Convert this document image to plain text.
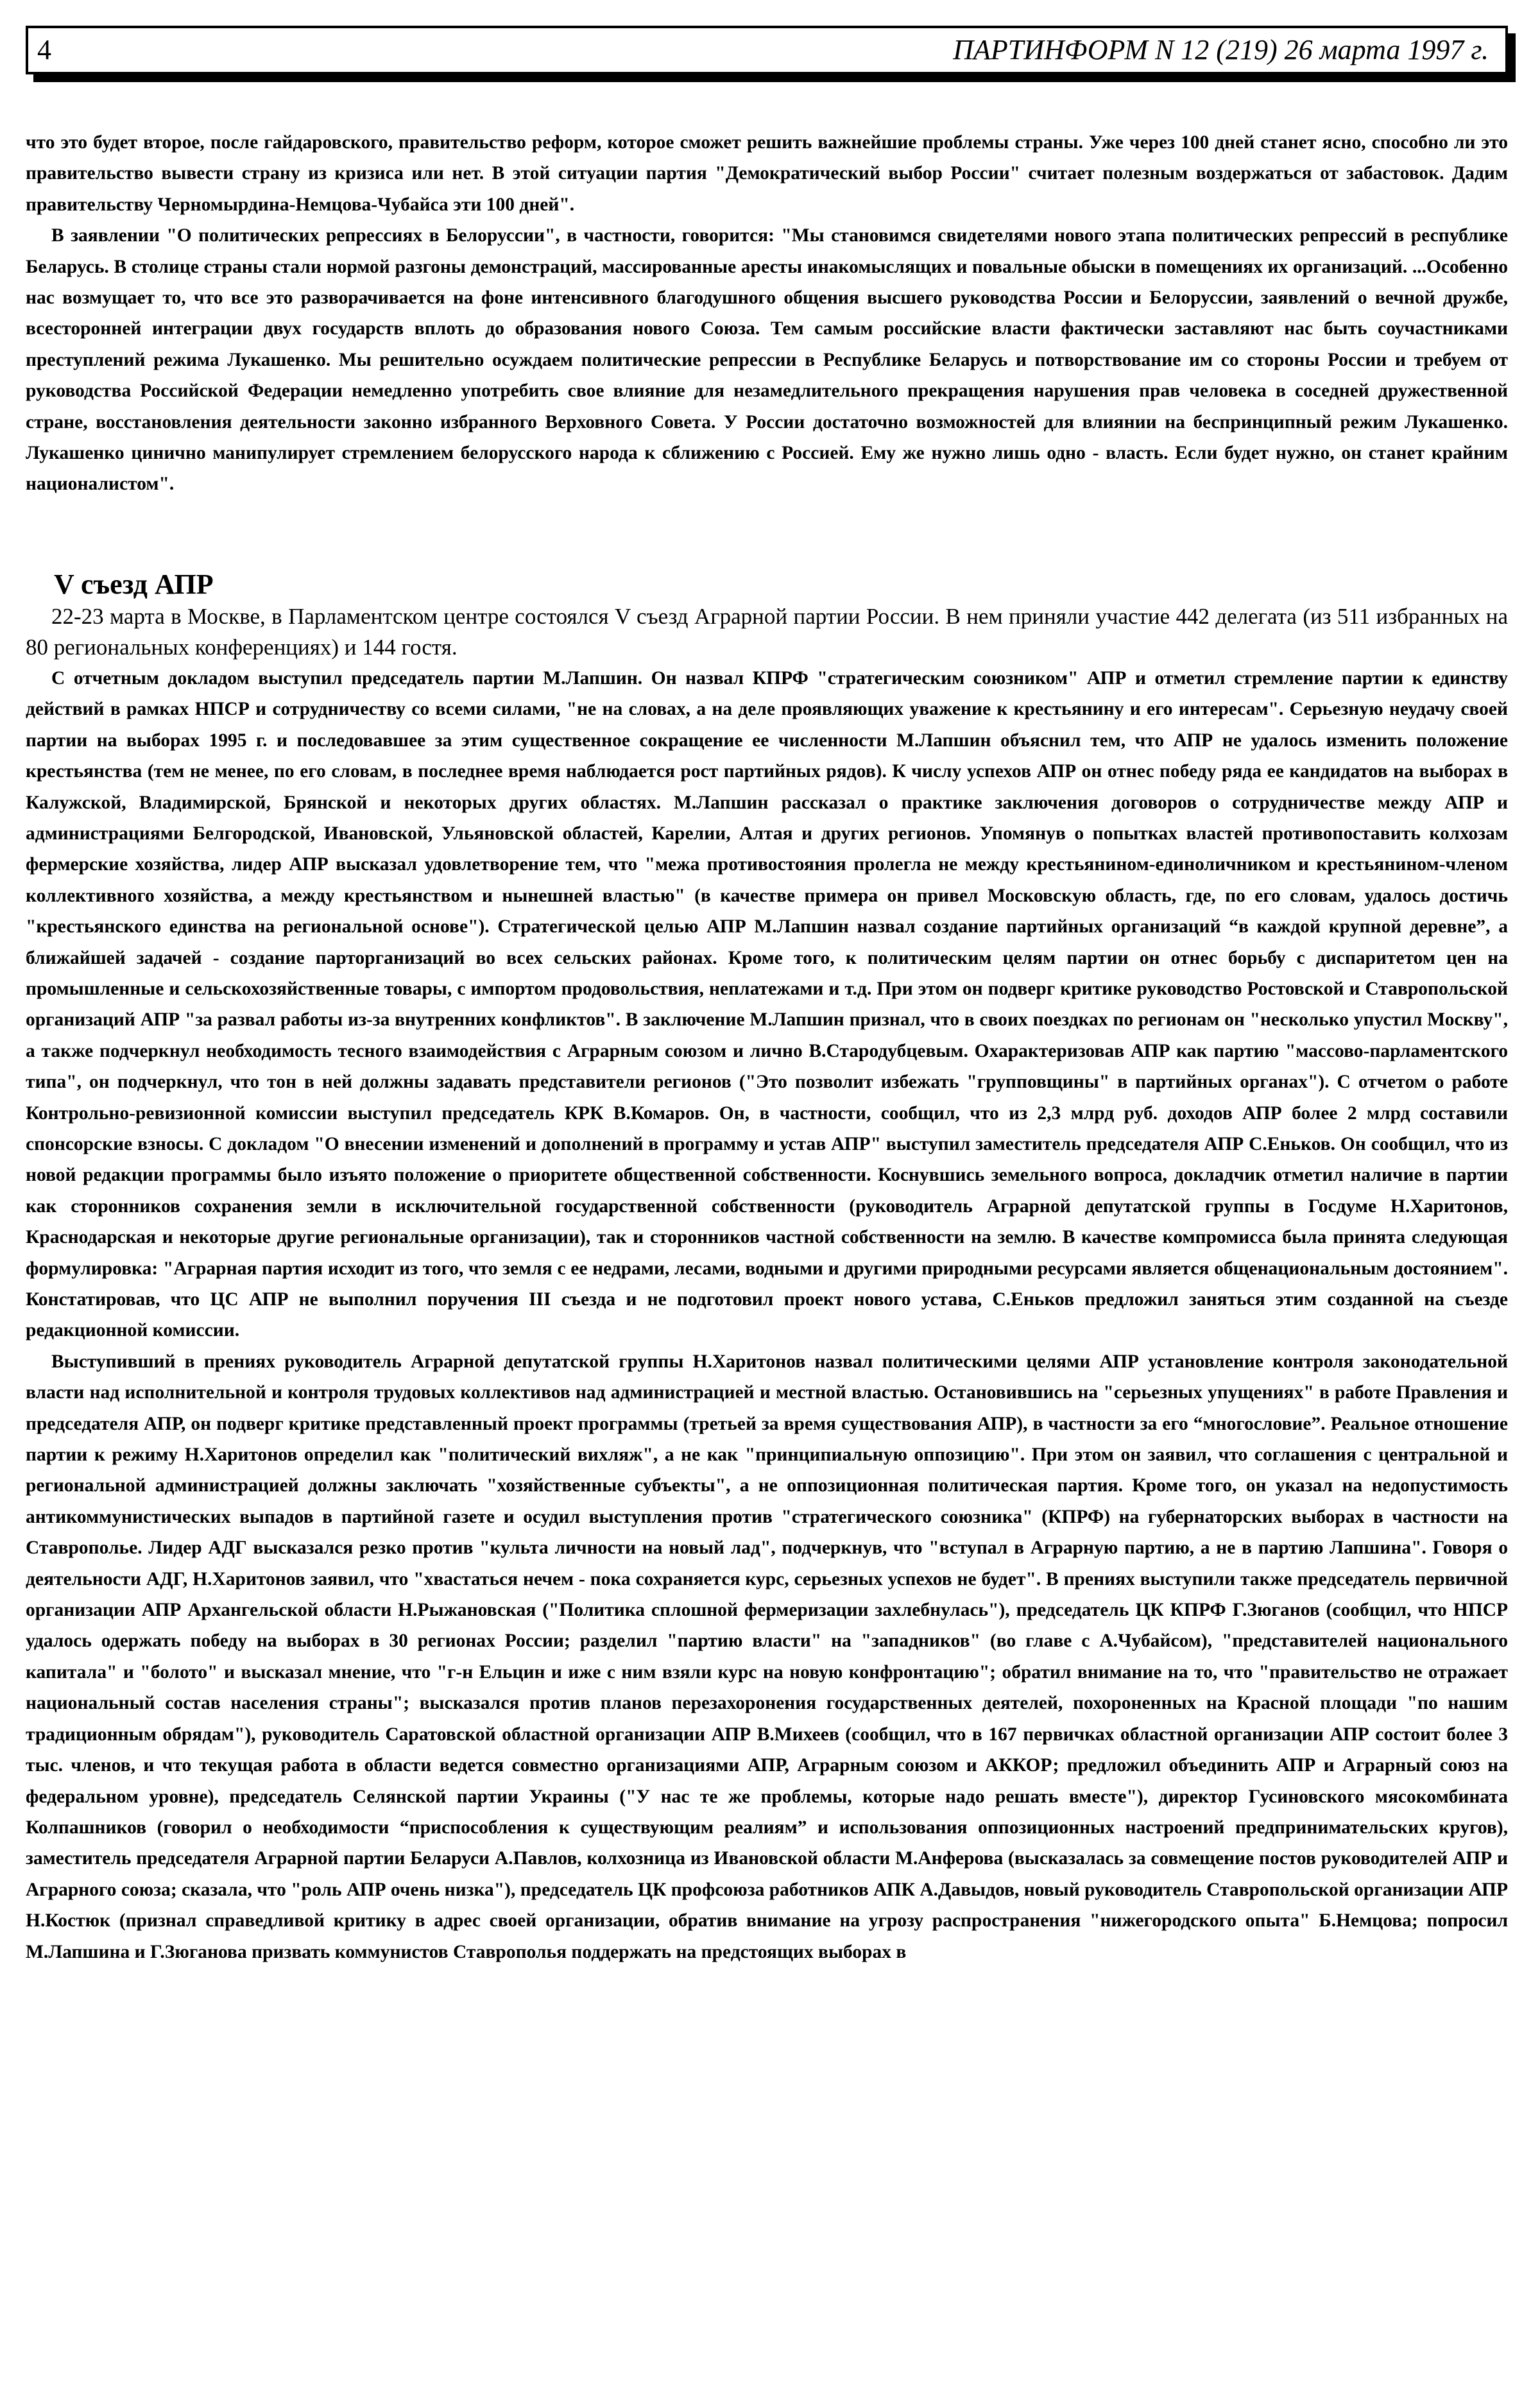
4	ПАРТИНФОРМ N 12 (219) 26 марта 1997 г.

что это будет второе, после гайдаровского, правительство реформ, которое сможет решить важнейшие проблемы страны. Уже через 100 дней станет ясно, способно ли это правительство вывести страну из кризиса или нет. В этой ситуации партия "Демократический выбор России" считает полезным воздержаться от забастовок. Дадим правительству Черномырдина-Немцова-Чубайса эти 100 дней".

В заявлении "О политических репрессиях в Белоруссии", в частности, говорится: "Мы становимся свидетелями нового этапа политических репрессий в республике Беларусь. В столице страны стали нормой разгоны демонстраций, массированные аресты инакомыслящих и повальные обыски в помещениях их организаций. ...Особенно нас возмущает то, что все это разворачивается на фоне интенсивного благодушного общения высшего руководства России и Белоруссии, заявлений о вечной дружбе, всесторонней интеграции двух государств вплоть до образования нового Союза. Тем самым российские власти фактически заставляют нас быть соучастниками преступлений режима Лукашенко. Мы решительно осуждаем политические репрессии в Республике Беларусь и потворствование им со стороны России и требуем от руководства Российской Федерации немедленно употребить свое влияние для незамедлительного прекращения нарушения прав человека в соседней дружественной стране, восстановления деятельности законно избранного Верховного Совета. У России достаточно возможностей для влиянии на беспринципный режим Лукашенко. Лукашенко цинично манипулирует стремлением белорусского народа к сближению с Россией. Ему же нужно лишь одно - власть. Если будет нужно, он станет крайним националистом".

V съезд АПР

22-23 марта в Москве, в Парламентском центре состоялся V съезд Аграрной партии России. В нем приняли участие 442 делегата (из 511 избранных на 80 региональных конференциях) и 144 гостя.

С отчетным докладом выступил председатель партии М.Лапшин. Он назвал КПРФ "стратегическим союзником" АПР и отметил стремление партии к единству действий в рамках НПСР и сотрудничеству со всеми силами, "не на словах, а на деле проявляющих уважение к крестьянину и его интересам". Серьезную неудачу своей партии на выборах 1995 г. и последовавшее за этим существенное сокращение ее численности М.Лапшин объяснил тем, что АПР не удалось изменить положение крестьянства (тем не менее, по его словам, в последнее время наблюдается рост партийных рядов). К числу успехов АПР он отнес победу ряда ее кандидатов на выборах в Калужской, Владимирской, Брянской и некоторых других областях. М.Лапшин рассказал о практике заключения договоров о сотрудничестве между АПР и администрациями Белгородской, Ивановской, Ульяновской областей, Карелии, Алтая и других регионов. Упомянув о попытках властей противопоставить колхозам фермерские хозяйства, лидер АПР высказал удовлетворение тем, что "межа противостояния пролегла не между крестьянином-единоличником и крестьянином-членом коллективного хозяйства, а между крестьянством и нынешней властью" (в качестве примера он привел Московскую область, где, по его словам, удалось достичь "крестьянского единства на региональной основе"). Стратегической целью АПР М.Лапшин назвал создание партийных организаций “в каждой крупной деревне”, а ближайшей задачей - создание парторганизаций во всех сельских районах. Кроме того, к политическим целям партии он отнес борьбу с диспаритетом цен на промышленные и сельскохозяйственные товары, с импортом продовольствия, неплатежами и т.д. При этом он подверг критике руководство Ростовской и Ставропольской организаций АПР "за развал работы из-за внутренних конфликтов". В заключение М.Лапшин признал, что в своих поездках по регионам он "несколько упустил Москву", а также подчеркнул необходимость тесного взаимодействия с Аграрным союзом и лично В.Стародубцевым. Охарактеризовав АПР как партию "массово-парламентского типа", он подчеркнул, что тон в ней должны задавать представители регионов ("Это позволит избежать "групповщины" в партийных органах"). С отчетом о работе Контрольно-ревизионной комиссии выступил председатель КРК В.Комаров. Он, в частности, сообщил, что из 2,3 млрд руб. доходов АПР более 2 млрд составили спонсорские взносы. С докладом "О внесении изменений и дополнений в программу и устав АПР" выступил заместитель председателя АПР С.Еньков. Он сообщил, что из новой редакции программы было изъято положение о приоритете общественной собственности. Коснувшись земельного вопроса, докладчик отметил наличие в партии как сторонников сохранения земли в исключительной государственной собственности (руководитель Аграрной депутатской группы в Госдуме Н.Харитонов, Краснодарская и некоторые другие региональные организации), так и сторонников частной собственности на землю. В качестве компромисса была принята следующая формулировка: "Аграрная партия исходит из того, что земля с ее недрами, лесами, водными и другими природными ресурсами является общенациональным достоянием". Констатировав, что ЦС АПР не выполнил поручения III съезда и не подготовил проект нового устава, С.Еньков предложил заняться этим созданной на съезде редакционной комиссии.

Выступивший в прениях руководитель Аграрной депутатской группы Н.Харитонов назвал политическими целями АПР установление контроля законодательной власти над исполнительной и контроля трудовых коллективов над администрацией и местной властью. Остановившись на "серьезных упущениях" в работе Правления и председателя АПР, он подверг критике представленный проект программы (третьей за время существования АПР), в частности за его “многословие”. Реальное отношение партии к режиму Н.Харитонов определил как "политический вихляж", а не как "принципиальную оппозицию". При этом он заявил, что соглашения с центральной и региональной администрацией должны заключать "хозяйственные субъекты", а не оппозиционная политическая партия. Кроме того, он указал на недопустимость антикоммунистических выпадов в партийной газете и осудил выступления против "стратегического союзника" (КПРФ) на губернаторских выборах в частности на Ставрополье. Лидер АДГ высказался резко против "культа личности на новый лад", подчеркнув, что "вступал в Аграрную партию, а не в партию Лапшина". Говоря о деятельности АДГ, Н.Харитонов заявил, что "хвастаться нечем - пока сохраняется курс, серьезных успехов не будет". В прениях выступили также председатель первичной организации АПР Архангельской области Н.Рыжановская ("Политика сплошной фермеризации захлебнулась"), председатель ЦК КПРФ Г.Зюганов (сообщил, что НПСР удалось одержать победу на выборах в 30 регионах России; разделил "партию власти" на "западников" (во главе с А.Чубайсом), "представителей национального капитала" и "болото" и высказал мнение, что "г-н Ельцин и иже с ним взяли курс на новую конфронтацию"; обратил внимание на то, что "правительство не отражает национальный состав населения страны"; высказался против планов перезахоронения государственных деятелей, похороненных на Красной площади "по нашим традиционным обрядам"), руководитель Саратовской областной организации АПР В.Михеев (сообщил, что в 167 первичках областной организации АПР состоит более 3 тыс. членов, и что текущая работа в области ведется совместно организациями АПР, Аграрным союзом и АККОР; предложил объединить АПР и Аграрный союз на федеральном уровне), председатель Селянской партии Украины ("У нас те же проблемы, которые надо решать вместе"), директор Гусиновского мясокомбината Колпашников (говорил о необходимости “приспособления к существующим реалиям” и использования оппозиционных настроений предпринимательских кругов), заместитель председателя Аграрной партии Беларуси А.Павлов, колхозница из Ивановской области М.Анферова (высказалась за совмещение постов руководителей АПР и Аграрного союза; сказала, что "роль АПР очень низка"), председатель ЦК профсоюза работников АПК А.Давыдов, новый руководитель Ставропольской организации АПР Н.Костюк (признал справедливой критику в адрес своей организации, обратив внимание на угрозу распространения "нижегородского опыта" Б.Немцова; попросил М.Лапшина и Г.Зюганова призвать коммунистов Ставрополья поддержать на предстоящих выборах в
